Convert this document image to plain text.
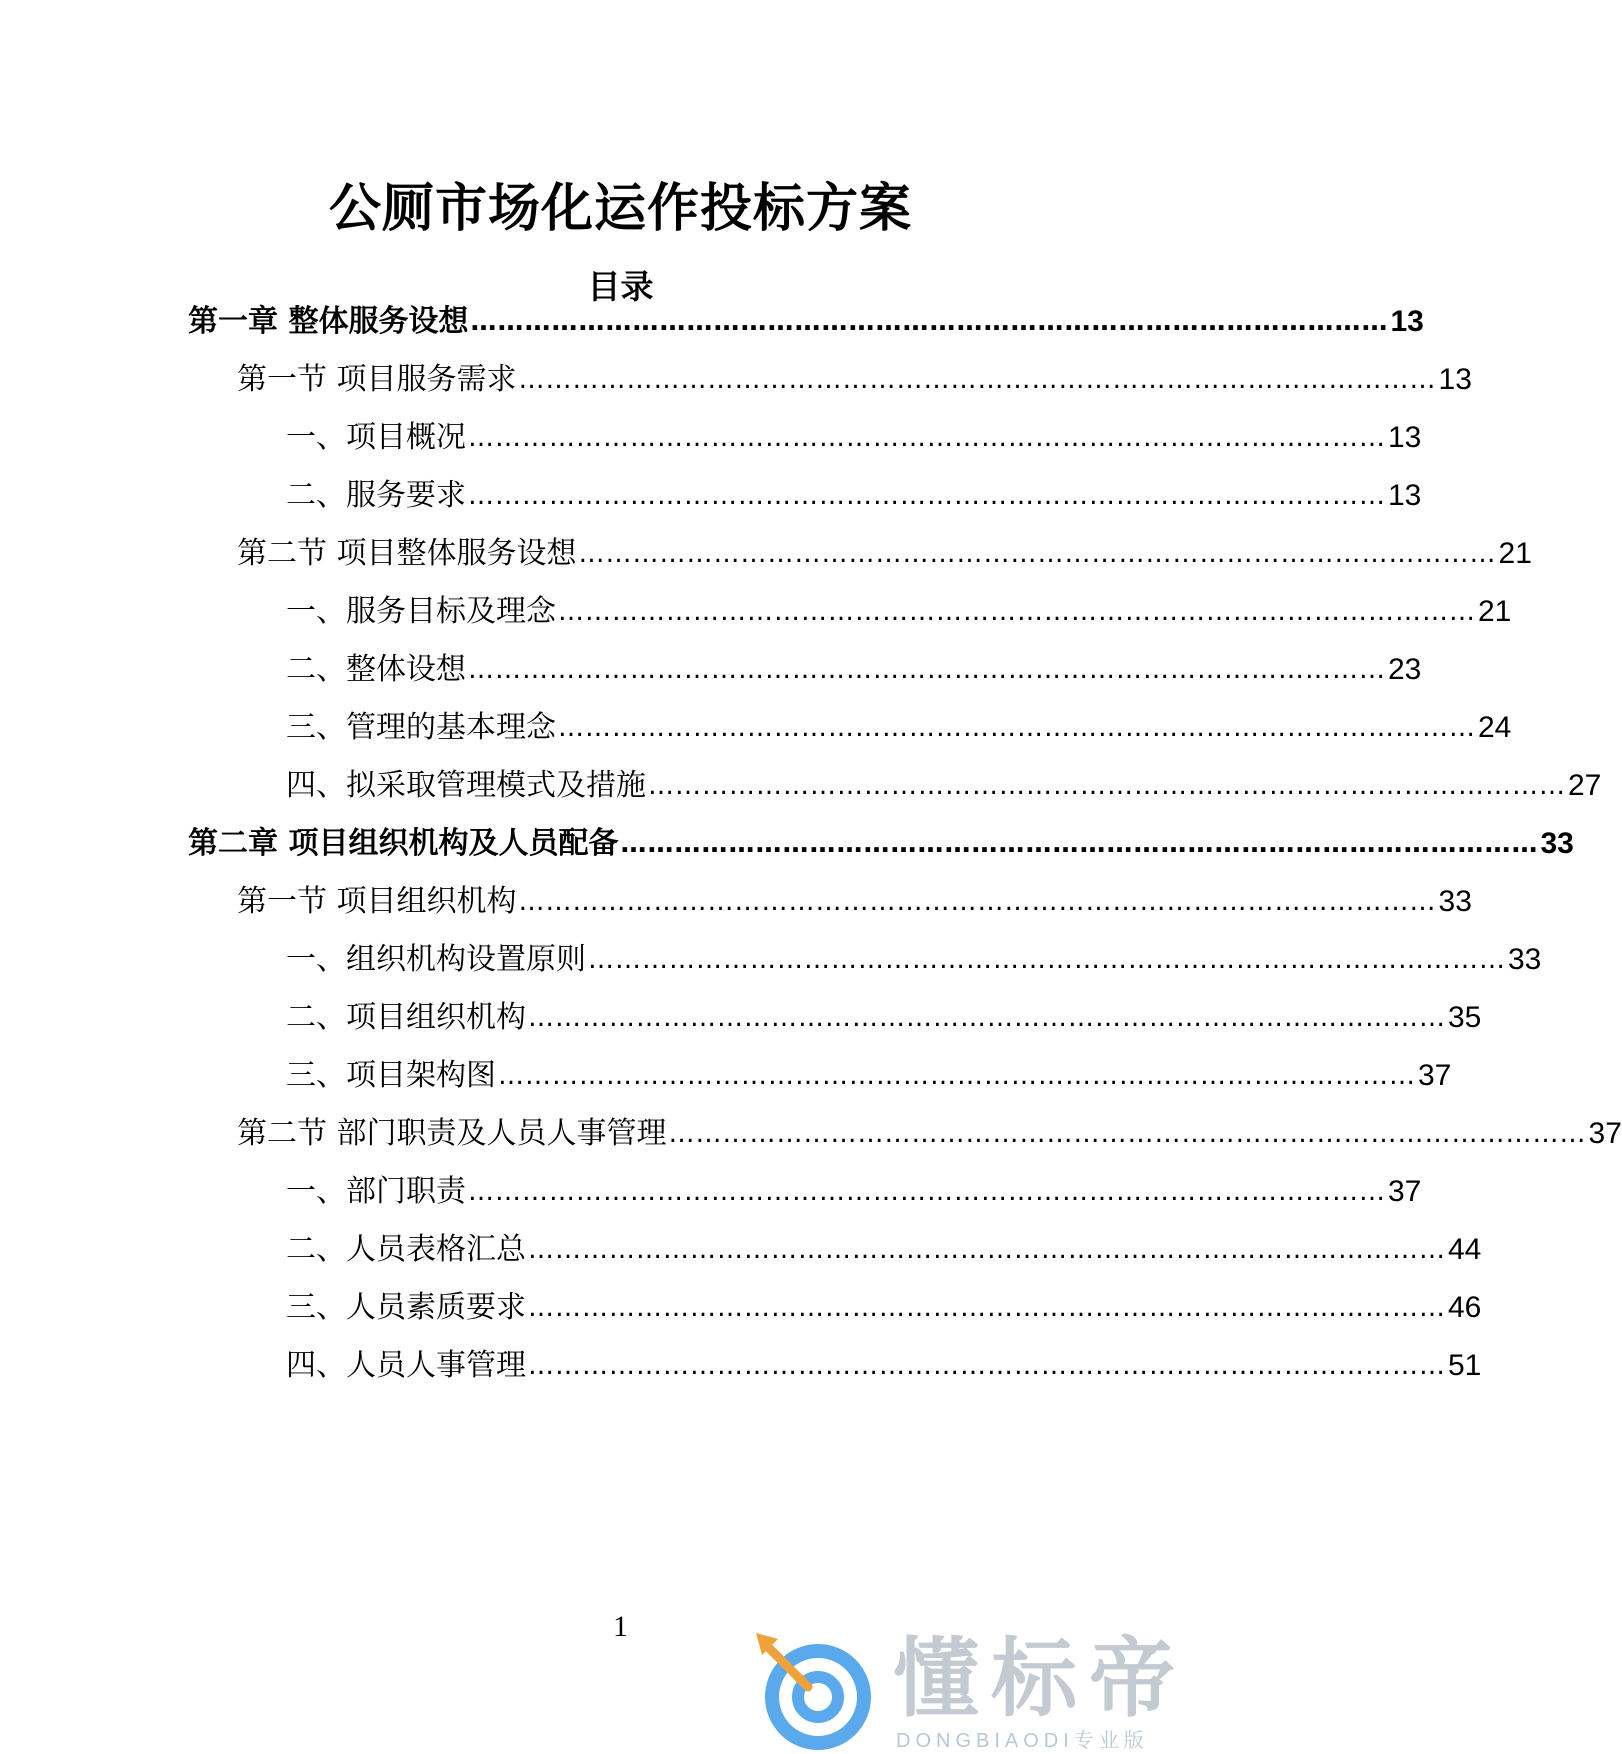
公厕市场化运作投标方案
目录
第一章 整体服务设想 ………………………………………………………………………………………… 13
第一节 项目服务需求 ………………………………………………………………………………………… 13
一、项目概况 ………………………………………………………………………………………… 13
二、服务要求 ………………………………………………………………………………………… 13
第二节 项目整体服务设想 ………………………………………………………………………………………… 21
一、服务目标及理念 ………………………………………………………………………………………… 21
二、整体设想 ………………………………………………………………………………………… 23
三、管理的基本理念 ………………………………………………………………………………………… 24
四、拟采取管理模式及措施 ………………………………………………………………………………………… 27
第二章 项目组织机构及人员配备 ………………………………………………………………………………………… 33
第一节 项目组织机构 ………………………………………………………………………………………… 33
一、组织机构设置原则 ………………………………………………………………………………………… 33
二、项目组织机构 ………………………………………………………………………………………… 35
三、项目架构图 ………………………………………………………………………………………… 37
第二节 部门职责及人员人事管理 ………………………………………………………………………………………… 37
一、部门职责 ………………………………………………………………………………………… 37
二、人员表格汇总 ………………………………………………………………………………………… 44
三、人员素质要求 ………………………………………………………………………………………… 46
四、人员人事管理 ………………………………………………………………………………………… 51
1
懂标帝
DONGBIAODI专业版
